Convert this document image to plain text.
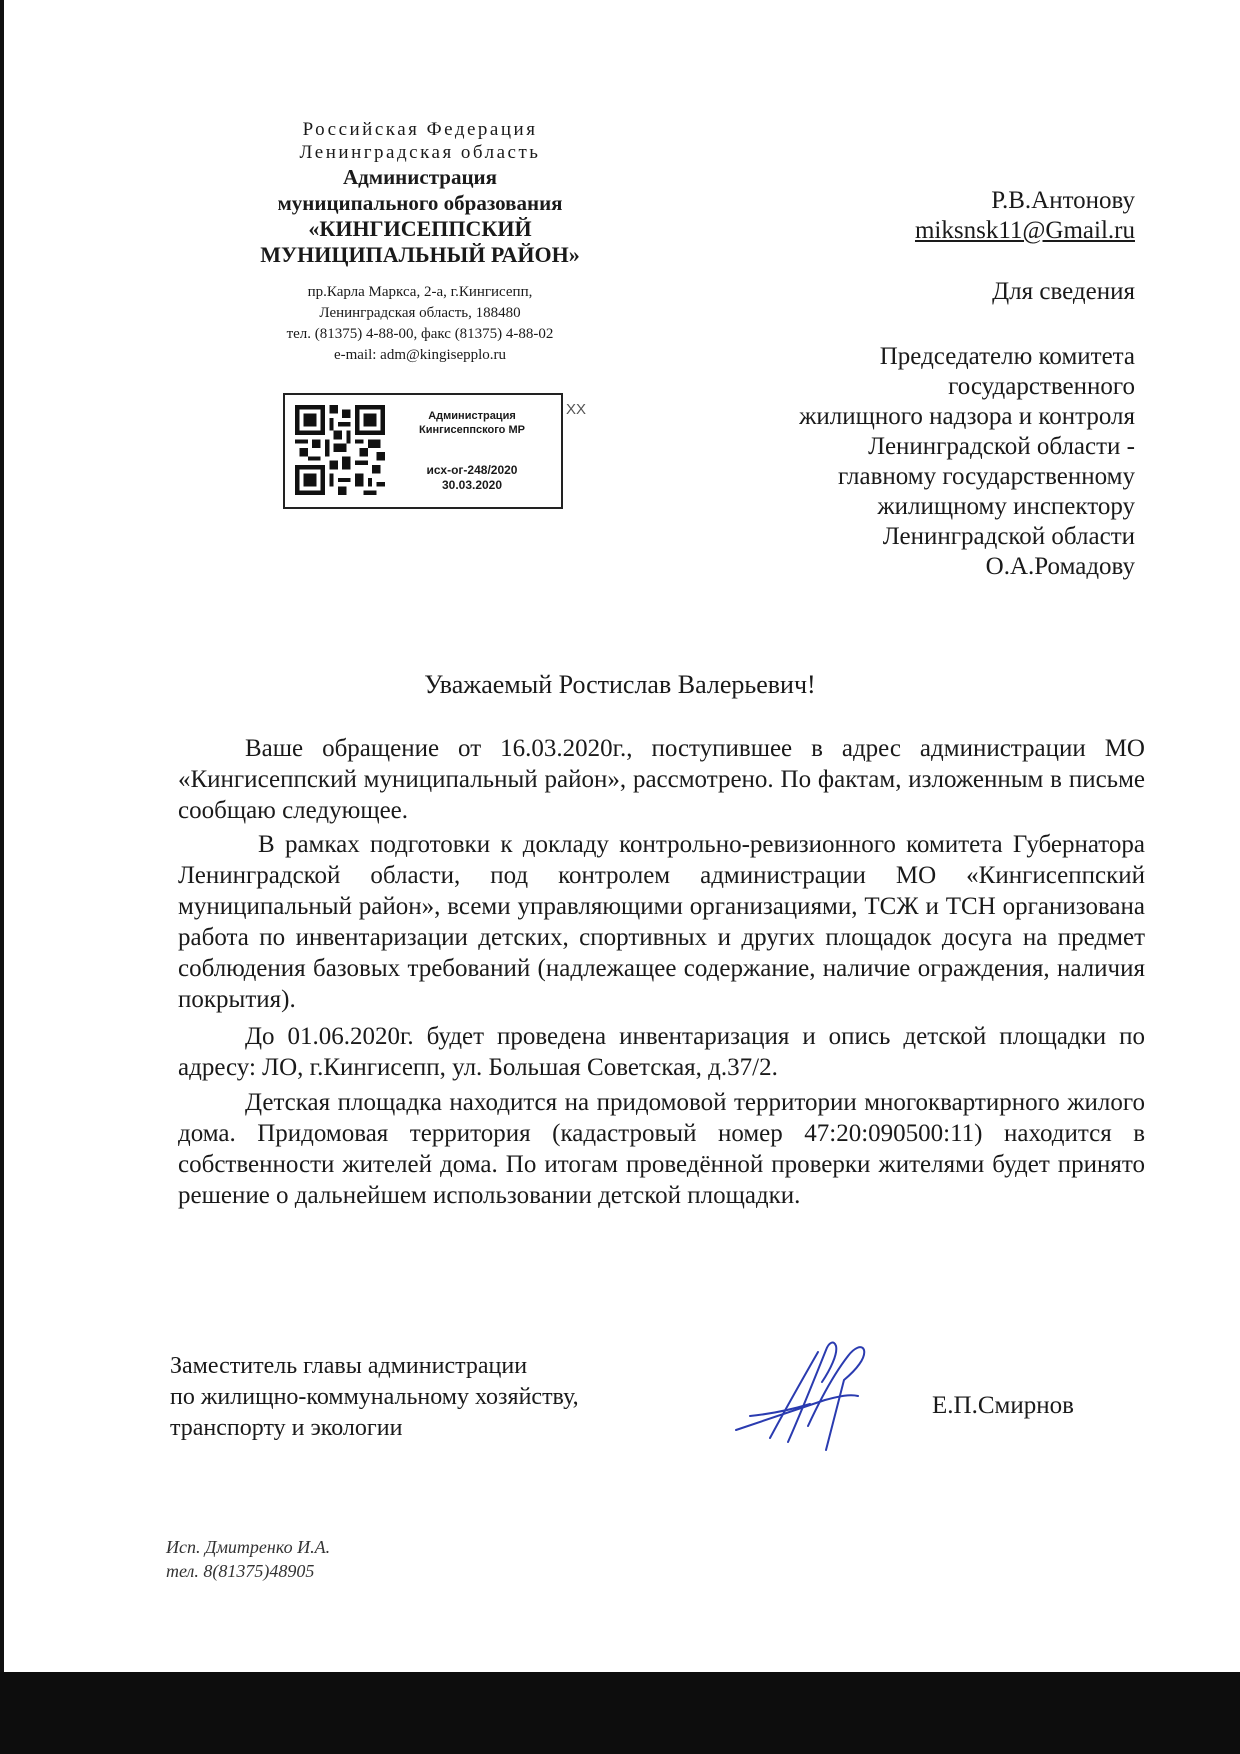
Российская Федерация
Ленинградская область
Администрация
муниципального образования
«КИНГИСЕППСКИЙ
МУНИЦИПАЛЬНЫЙ РАЙОН»
пр.Карла Маркса, 2-а, г.Кингисепп,
Ленинградская область, 188480
тел. (81375) 4-88-00, факс (81375) 4-88-02
e-mail: adm@kingisepplo.ru
Администрация
Кингисеппского МР
исх-ог-248/2020
30.03.2020
ХХ
Р.В.Антонову
miksnsk11@Gmail.ru
Для сведения
Председателю комитета
государственного
жилищного надзора и контроля
Ленинградской области -
главному государственному
жилищному инспектору
Ленинградской области
О.А.Ромадову
Уважаемый Ростислав Валерьевич!

Ваше обращение от 16.03.2020г., поступившее в адрес администрации МО «Кингисеппский муниципальный район», рассмотрено. По фактам, изложенным в письме сообщаю следующее.

В рамках подготовки к докладу контрольно-ревизионного комитета Губернатора Ленинградской области, под контролем администрации МО «Кингисеппский муниципальный район», всеми управляющими организациями, ТСЖ и ТСН организована работа по инвентаризации детских, спортивных и других площадок досуга на предмет соблюдения базовых требований (надлежащее содержание, наличие ограждения, наличия покрытия).

До 01.06.2020г. будет проведена инвентаризация и опись детской площадки по адресу: ЛО, г.Кингисепп, ул. Большая Советская, д.37/2.

Детская площадка находится на придомовой территории многоквартирного жилого дома. Придомовая территория (кадастровый номер 47:20:090500:11) находится в собственности жителей дома. По итогам проведённой проверки жителями будет принято решение о дальнейшем использовании детской площадки.

Заместитель главы администрации
по жилищно-коммунальному хозяйству,
транспорту и экологии
Е.П.Смирнов
Исп. Дмитренко И.А.
тел. 8(81375)48905
